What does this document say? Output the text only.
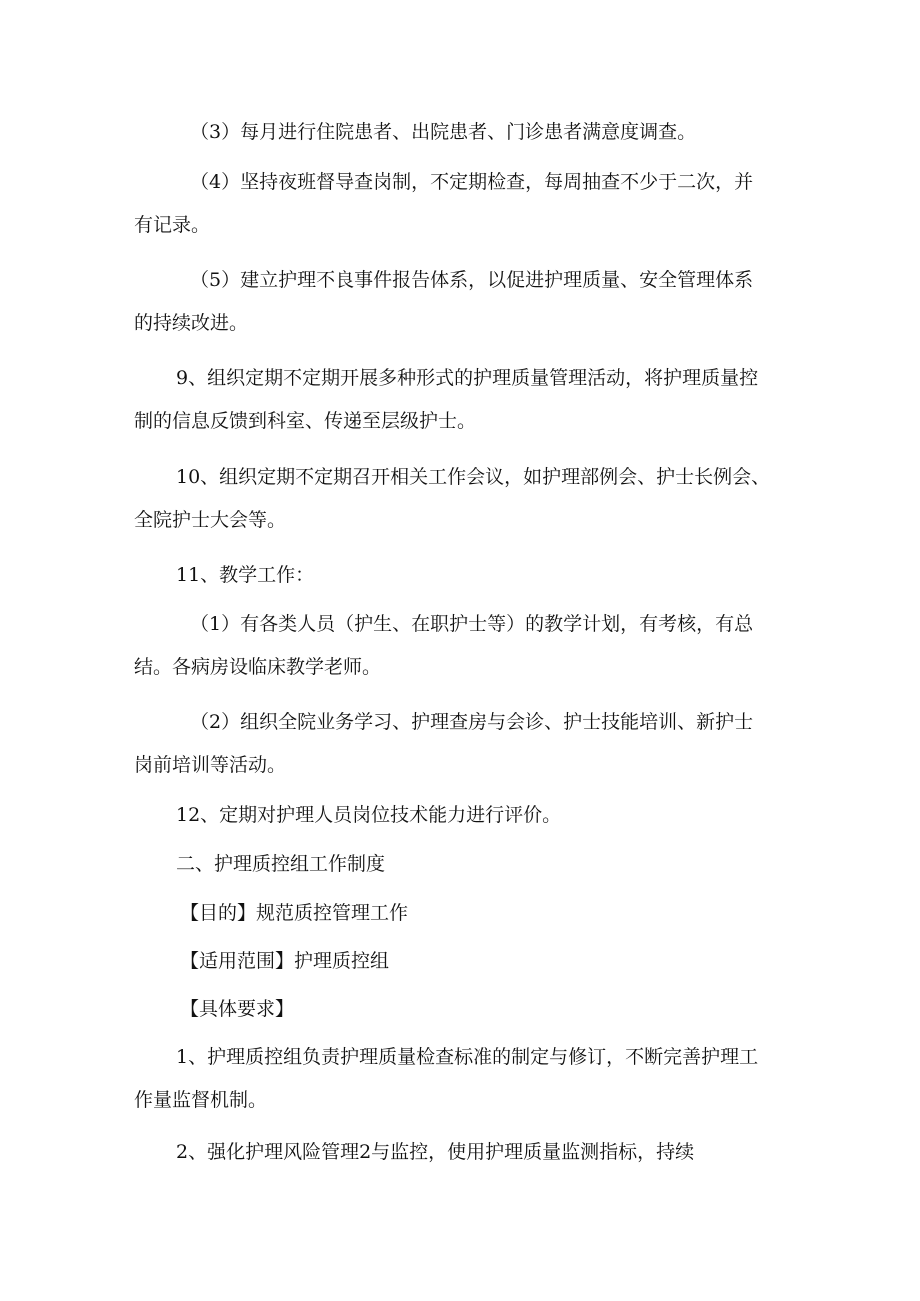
（3）每月进行住院患者、出院患者、门诊患者满意度调查。
（4）坚持夜班督导查岗制，不定期检查，每周抽查不少于二次，并
有记录。
（5）建立护理不良事件报告体系，以促进护理质量、安全管理体系
的持续改进。
9、组织定期不定期开展多种形式的护理质量管理活动，将护理质量控
制的信息反馈到科室、传递至层级护士。
10、组织定期不定期召开相关工作会议，如护理部例会、护士长例会、
全院护士大会等。
11、教学工作：
（1）有各类人员（护生、在职护士等）的教学计划，有考核，有总
结。各病房设临床教学老师。
（2）组织全院业务学习、护理查房与会诊、护士技能培训、新护士
岗前培训等活动。
12、定期对护理人员岗位技术能力进行评价。
二、护理质控组工作制度
【目的】规范质控管理工作
【适用范围】护理质控组
【具体要求】
1、护理质控组负责护理质量检查标准的制定与修订，不断完善护理工
作量监督机制。
2、强化护理风险管理2与监控，使用护理质量监测指标，持续
